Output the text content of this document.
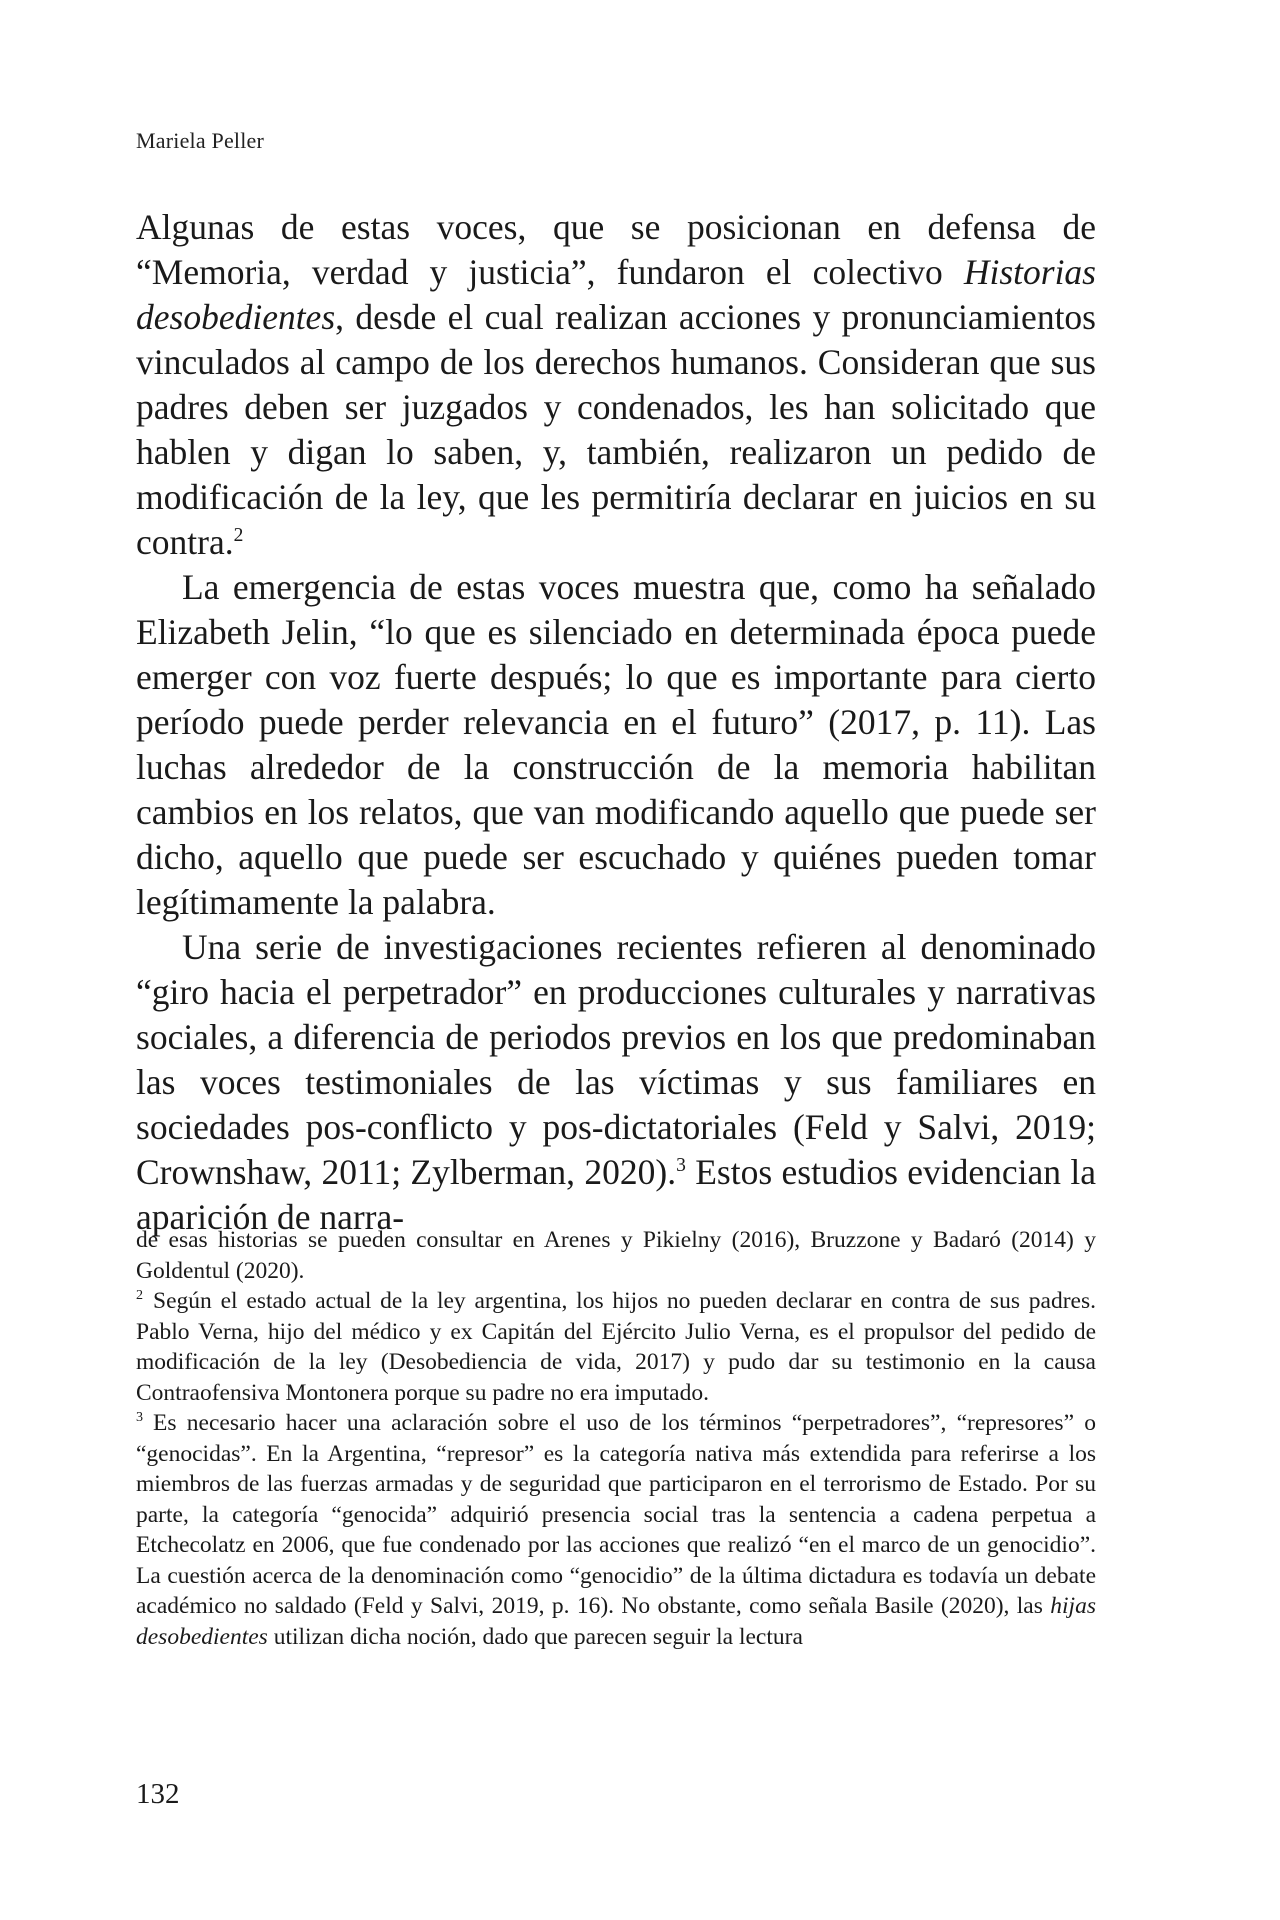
Mariela Peller

Algunas de estas voces, que se posicionan en defensa de “Memoria, verdad y justicia”, fundaron el colectivo Historias desobedientes, desde el cual realizan acciones y pronunciamientos vinculados al campo de los derechos humanos. Consideran que sus padres deben ser juzgados y condenados, les han solicitado que hablen y digan lo saben, y, también, realizaron un pedido de modificación de la ley, que les permitiría declarar en juicios en su contra.$^2$

La emergencia de estas voces muestra que, como ha señalado Elizabeth Jelin, “lo que es silenciado en determinada época puede emerger con voz fuerte después; lo que es importante para cierto período puede perder relevancia en el futuro” (2017, p. 11). Las luchas alrededor de la construcción de la memoria habilitan cambios en los relatos, que van modificando aquello que puede ser dicho, aquello que puede ser escuchado y quiénes pueden tomar legítimamente la palabra.

Una serie de investigaciones recientes refieren al denominado “giro hacia el perpetrador” en producciones culturales y narrativas sociales, a diferencia de periodos previos en los que predominaban las voces testimoniales de las víctimas y sus familiares en sociedades pos-conflicto y pos-dictatoriales (Feld y Salvi, 2019; Crownshaw, 2011; Zylberman, 2020).$^3$ Estos estudios evidencian la aparición de narra-

de esas historias se pueden consultar en Arenes y Pikielny (2016), Bruzzone y Badaró (2014) y Goldentul (2020).

$^2$ Según el estado actual de la ley argentina, los hijos no pueden declarar en contra de sus padres. Pablo Verna, hijo del médico y ex Capitán del Ejército Julio Verna, es el propulsor del pedido de modificación de la ley (Desobediencia de vida, 2017) y pudo dar su testimonio en la causa Contraofensiva Montonera porque su padre no era imputado.

$^3$ Es necesario hacer una aclaración sobre el uso de los términos “perpetradores”, “represores” o “genocidas”. En la Argentina, “represor” es la categoría nativa más extendida para referirse a los miembros de las fuerzas armadas y de seguridad que participaron en el terrorismo de Estado. Por su parte, la categoría “genocida” adquirió presencia social tras la sentencia a cadena perpetua a Etchecolatz en 2006, que fue condenado por las acciones que realizó “en el marco de un genocidio”. La cuestión acerca de la denominación como “genocidio” de la última dictadura es todavía un debate académico no saldado (Feld y Salvi, 2019, p. 16). No obstante, como señala Basile (2020), las hijas desobedientes utilizan dicha noción, dado que parecen seguir la lectura

132
